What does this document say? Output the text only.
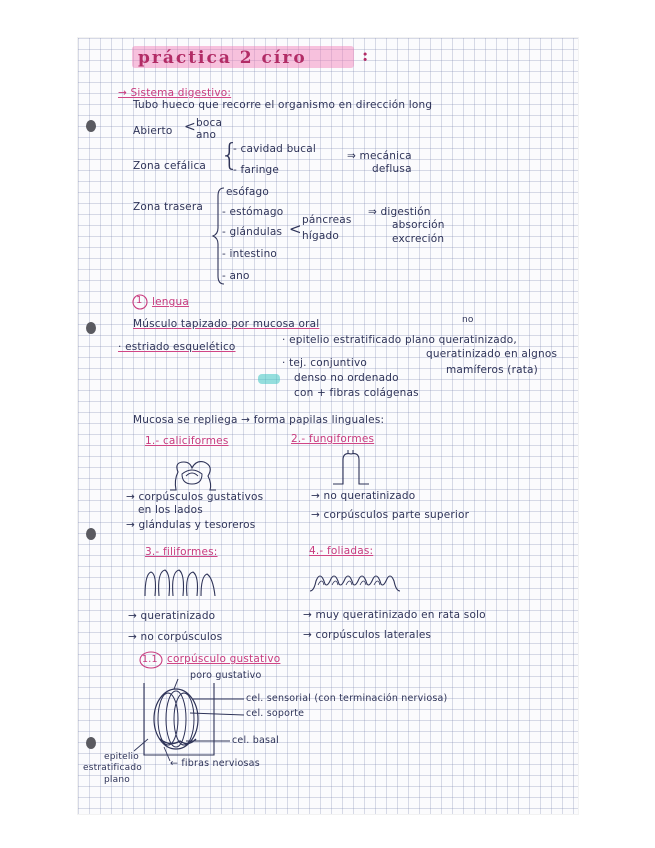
práctica 2 círo	:
→ Sistema digestivo:
Tubo hueco que recorre el organismo en dirección long
Abierto < boca
ano
Zona cefálica {
- cavidad bucal
- faringe
⇒ mecánica
deflusa
Zona trasera
esófago
- estómago
- glándulas < páncreas
hígado
⇒ digestión
absorción
excreción
- intestino
- ano
1 lengua
Músculo tapizado por mucosa oral
· estriado esquelético
no
· epitelio estratificado plano queratinizado,
queratinizado en algnos
mamíferos (rata)
· tej. conjuntivo
denso no ordenado
con + fibras colágenas
Mucosa se repliega → forma papilas linguales:
1.- caliciformes	2.- fungiformes
→ corpúsculos gustativos
en los lados
→ glándulas y tesoreros
→ no queratinizado
→ corpúsculos parte superior
3.- filiformes:	4.- foliadas:
→ queratinizado
→ no corpúsculos
→ muy queratinizado en rata solo
→ corpúsculos laterales
1.1 corpúsculo gustativo
poro gustativo
cel. sensorial (con terminación nerviosa)
cel. soporte
cel. basal
← fibras nerviosas
epitelio
estratificado
plano
